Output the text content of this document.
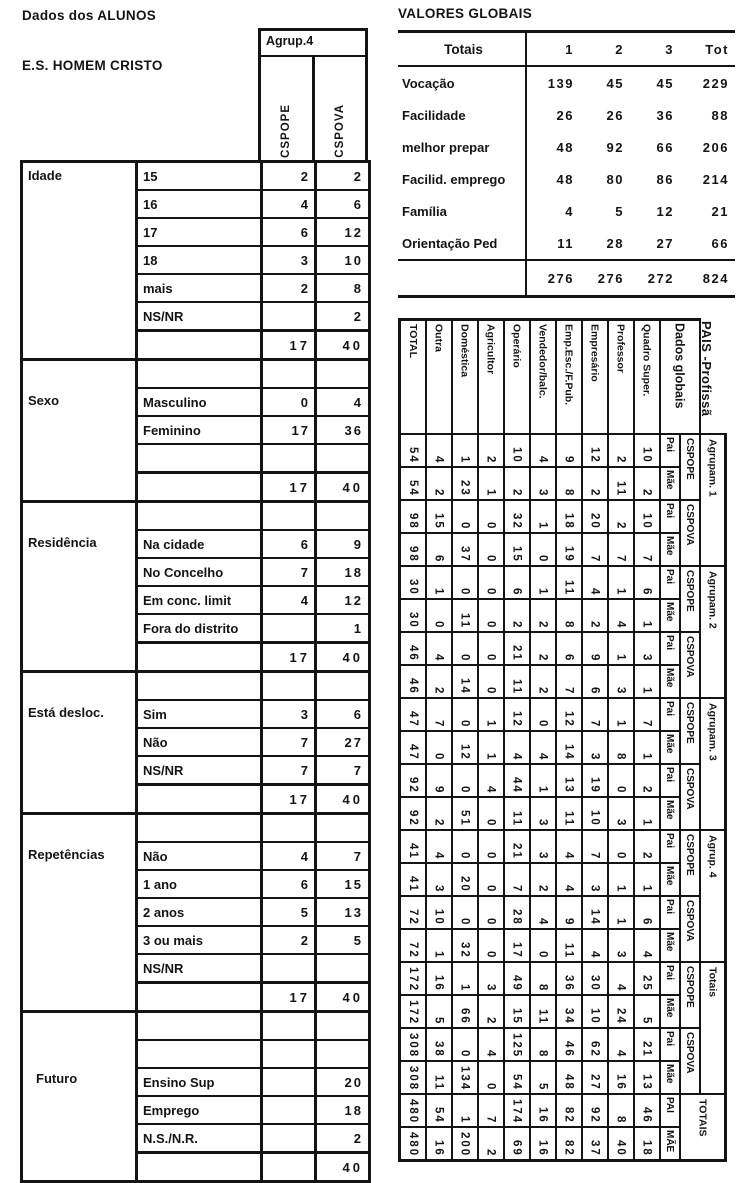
Dados dos ALUNOS
E.S. HOMEM CRISTO
VALORES GLOBAIS
Agrup.4
CSPOPE	CSPOVA
Idade	15	2	2
	16	4	6
	17	6	12
	18	3	10
	mais	2	8
	NS/NR		2
		17	40
Sexo			
	Masculino	0	4
	Feminino	17	36

		17	40
Residência			
	Na cidade	6	9
	No Concelho	7	18
	Em conc. limit	4	12
	Fora do distrito		1
		17	40
Está desloc.			
	Sim	3	6
	Não	7	27
	NS/NR	7	7
		17	40
Repetências			
	Não	4	7
	1 ano	6	15
	2 anos	5	13
	3 ou mais	2	5
	NS/NR		
		17	40
Futuro			

	Ensino Sup		20
	Emprego		18
	N.S./N.R.		2
			40
Totais	1	2	3	Tot
Vocação	139	45	45	229
Facilidade	26	26	36	88
melhor prepar	48	92	66	206
Facilid. emprego	48	80	86	214
Família	4	5	12	21
Orientação Ped	11	28	27	66
	276	276	272	824
TOTAL	Outra	Doméstica	Agricultor	Operário	Vendedor/balc.	Emp.Esc./F.Pub.	Empresário	Professor	Quadro Super.	Dados globais		

54	4	1	2	10	4	9	12	2	10	Pai	CSPOPE	Agrupam. 1

54	2	23	1	2	3	8	2	11	2	Mãe		

98	15	0	0	32	1	18	20	2	10	Pai	CSPOVA	

98	6	37	0	15	0	19	7	7	7	Mãe		

30	1	0	0	6	1	11	4	1	6	Pai	CSPOPE	Agrupam. 2

30	0	11	0	2	2	8	2	4	1	Mãe		

46	4	0	0	21	2	6	9	1	3	Pai	CSPOVA	

46	2	14	0	11	2	7	6	3	1	Mãe		

47	7	0	1	12	0	12	7	1	7	Pai	CSPOPE	Agrupam. 3

47	0	12	1	4	4	14	3	8	1	Mãe		

92	9	0	4	44	1	13	19	0	2	Pai	CSPOVA	

92	2	51	0	11	3	11	10	3	1	Mãe		

41	4	0	0	21	3	4	7	0	2	Pai	CSPOPE	Agrup. 4

41	3	20	0	7	2	4	3	1	1	Mãe		

72	10	0	0	28	4	9	14	1	6	Pai	CSPOVA	

72	1	32	0	17	0	11	4	3	4	Mãe		

172	16	1	3	49	8	36	30	4	25	Pai	CSPOPE	Totais

172	5	66	2	15	11	34	10	24	5	Mãe		

308	38	0	4	125	8	46	62	4	21	Pai	CSPOVA	

308	11	134	0	54	5	48	27	16	13	Mãe		

480	54	1	7	174	16	82	92	8	46	PAI	TOTAIS	

480	16	200	2	69	16	82	37	40	18	MÃE		
PAIS -Profissã
